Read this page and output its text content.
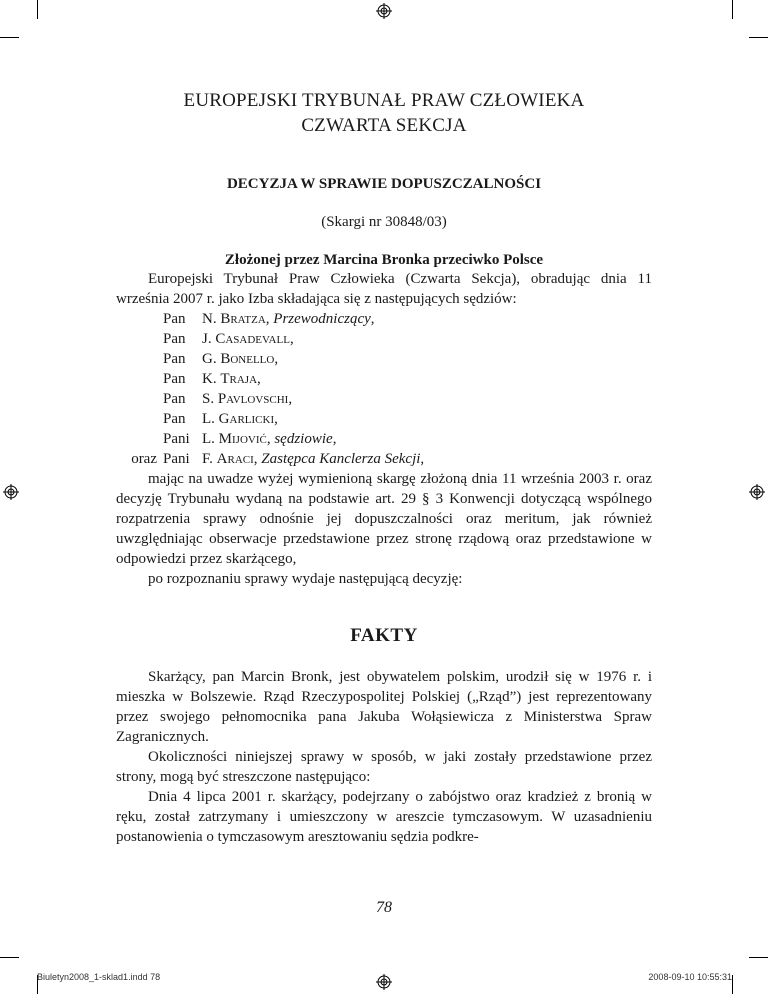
EUROPEJSKI TRYBUNAŁ PRAW CZŁOWIEKA
CZWARTA SEKCJA
DECYZJA W SPRAWIE DOPUSZCZALNOŚCI
(Skargi nr 30848/03)
Złożonej przez Marcina Bronka przeciwko Polsce

Europejski Trybunał Praw Człowieka (Czwarta Sekcja), obradując dnia 11 września 2007 r. jako Izba składająca się z następujących sędziów:

Pan	N. Bratza, Przewodniczący,
Pan	J. Casadevall,
Pan	G. Bonello,
Pan	K. Traja,
Pan	S. Pavlovschi,
Pan	L. Garlicki,
Pani L. Mijović, sędziowie,
oraz Pani F. Araci, Zastępca Kanclerza Sekcji,

mając na uwadze wyżej wymienioną skargę złożoną dnia 11 września 2003 r. oraz decyzję Trybunału wydaną na podstawie art. 29 § 3 Konwencji dotyczącą wspólnego rozpatrzenia sprawy odnośnie jej dopuszczalności oraz meritum, jak również uwzględniając obserwacje przedstawione przez stronę rządową oraz przedstawione w odpowiedzi przez skarżącego,

po rozpoznaniu sprawy wydaje następującą decyzję:

FAKTY

Skarżący, pan Marcin Bronk, jest obywatelem polskim, urodził się w 1976 r. i mieszka w Bolszewie. Rząd Rzeczypospolitej Polskiej („Rząd”) jest reprezentowany przez swojego pełnomocnika pana Jakuba Wołąsiewicza z Ministerstwa Spraw Zagranicznych.

Okoliczności niniejszej sprawy w sposób, w jaki zostały przedstawione przez strony, mogą być streszczone następująco:

Dnia 4 lipca 2001 r. skarżący, podejrzany o zabójstwo oraz kradzież z bronią w ręku, został zatrzymany i umieszczony w areszcie tymczasowym. W uzasadnieniu postanowienia o tymczasowym aresztowaniu sędzia podkre-

78
Biuletyn2008_1-sklad1.indd 78	2008-09-10 10:55:31
